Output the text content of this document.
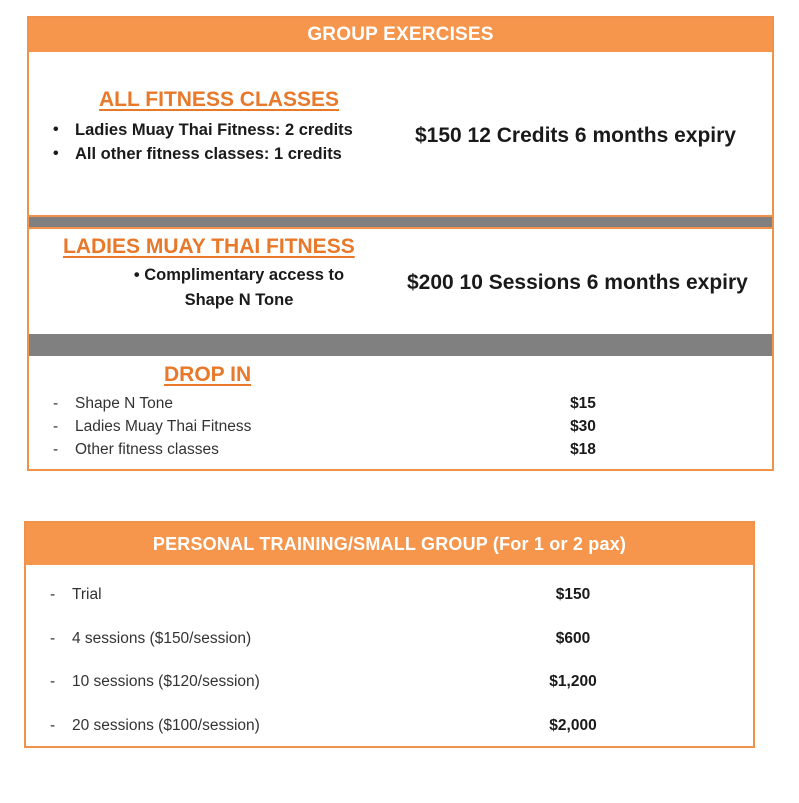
GROUP EXERCISES
ALL FITNESS CLASSES
• Ladies Muay Thai Fitness: 2 credits
• All other fitness classes: 1 credits
$150 12 Credits 6 months expiry
LADIES MUAY THAI FITNESS
• Complimentary access to
Shape N Tone
$200 10 Sessions 6 months expiry
DROP IN
- Shape N Tone	$15
- Ladies Muay Thai Fitness	$30
- Other fitness classes	$18
PERSONAL TRAINING/SMALL GROUP (For 1 or 2 pax)
- Trial	$150
- 4 sessions ($150/session)	$600
- 10 sessions ($120/session)	$1,200
- 20 sessions ($100/session)	$2,000
